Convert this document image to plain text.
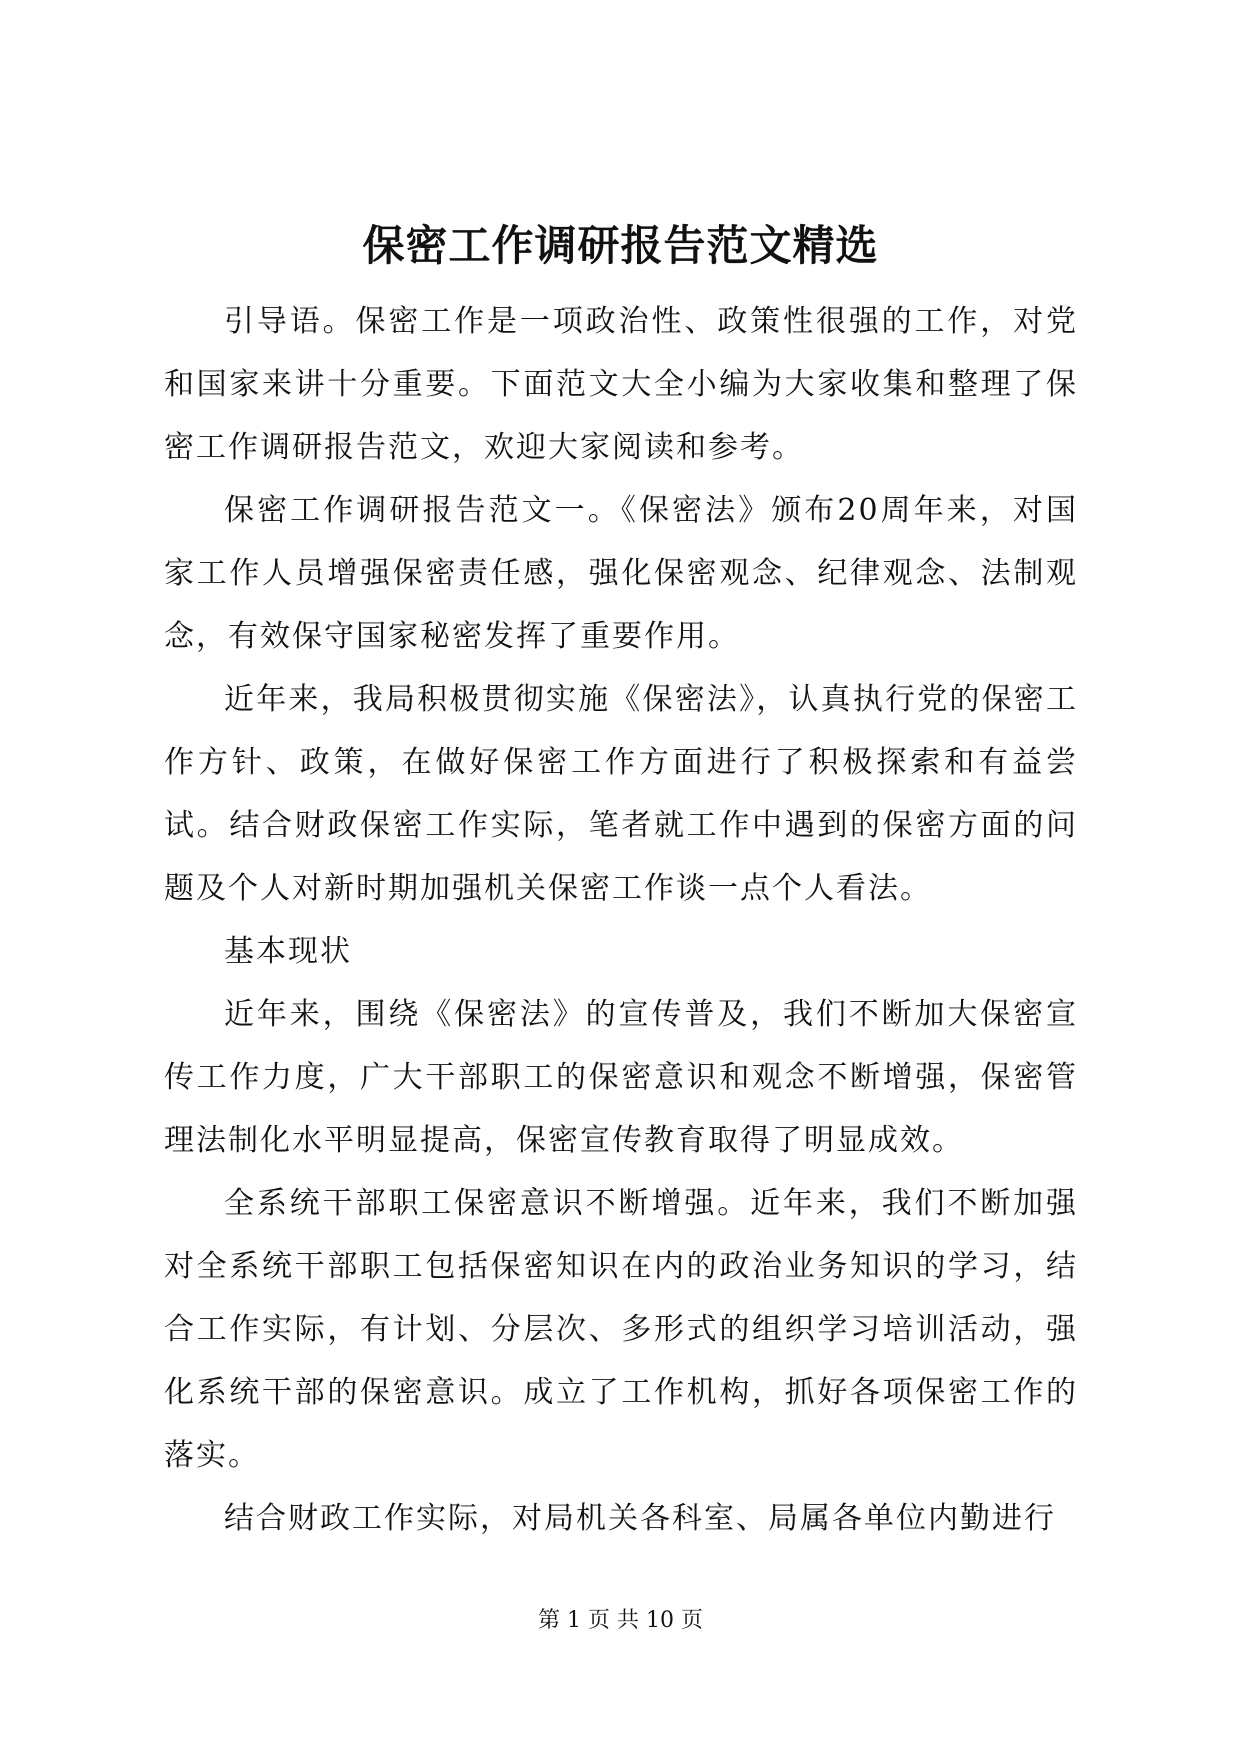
保密工作调研报告范文精选

引导语。保密工作是一项政治性、政策性很强的工作，对党和国家来讲十分重要。下面范文大全小编为大家收集和整理了保密工作调研报告范文，欢迎大家阅读和参考。

保密工作调研报告范文一。《保密法》颁布20周年来，对国家工作人员增强保密责任感，强化保密观念、纪律观念、法制观念，有效保守国家秘密发挥了重要作用。

近年来，我局积极贯彻实施《保密法》，认真执行党的保密工作方针、政策，在做好保密工作方面进行了积极探索和有益尝试。结合财政保密工作实际，笔者就工作中遇到的保密方面的问题及个人对新时期加强机关保密工作谈一点个人看法。

基本现状

近年来，围绕《保密法》的宣传普及，我们不断加大保密宣传工作力度，广大干部职工的保密意识和观念不断增强，保密管理法制化水平明显提高，保密宣传教育取得了明显成效。

全系统干部职工保密意识不断增强。近年来，我们不断加强对全系统干部职工包括保密知识在内的政治业务知识的学习，结合工作实际，有计划、分层次、多形式的组织学习培训活动，强化系统干部的保密意识。成立了工作机构，抓好各项保密工作的落实。

结合财政工作实际，对局机关各科室、局属各单位内勤进行

第 1 页 共 10 页
